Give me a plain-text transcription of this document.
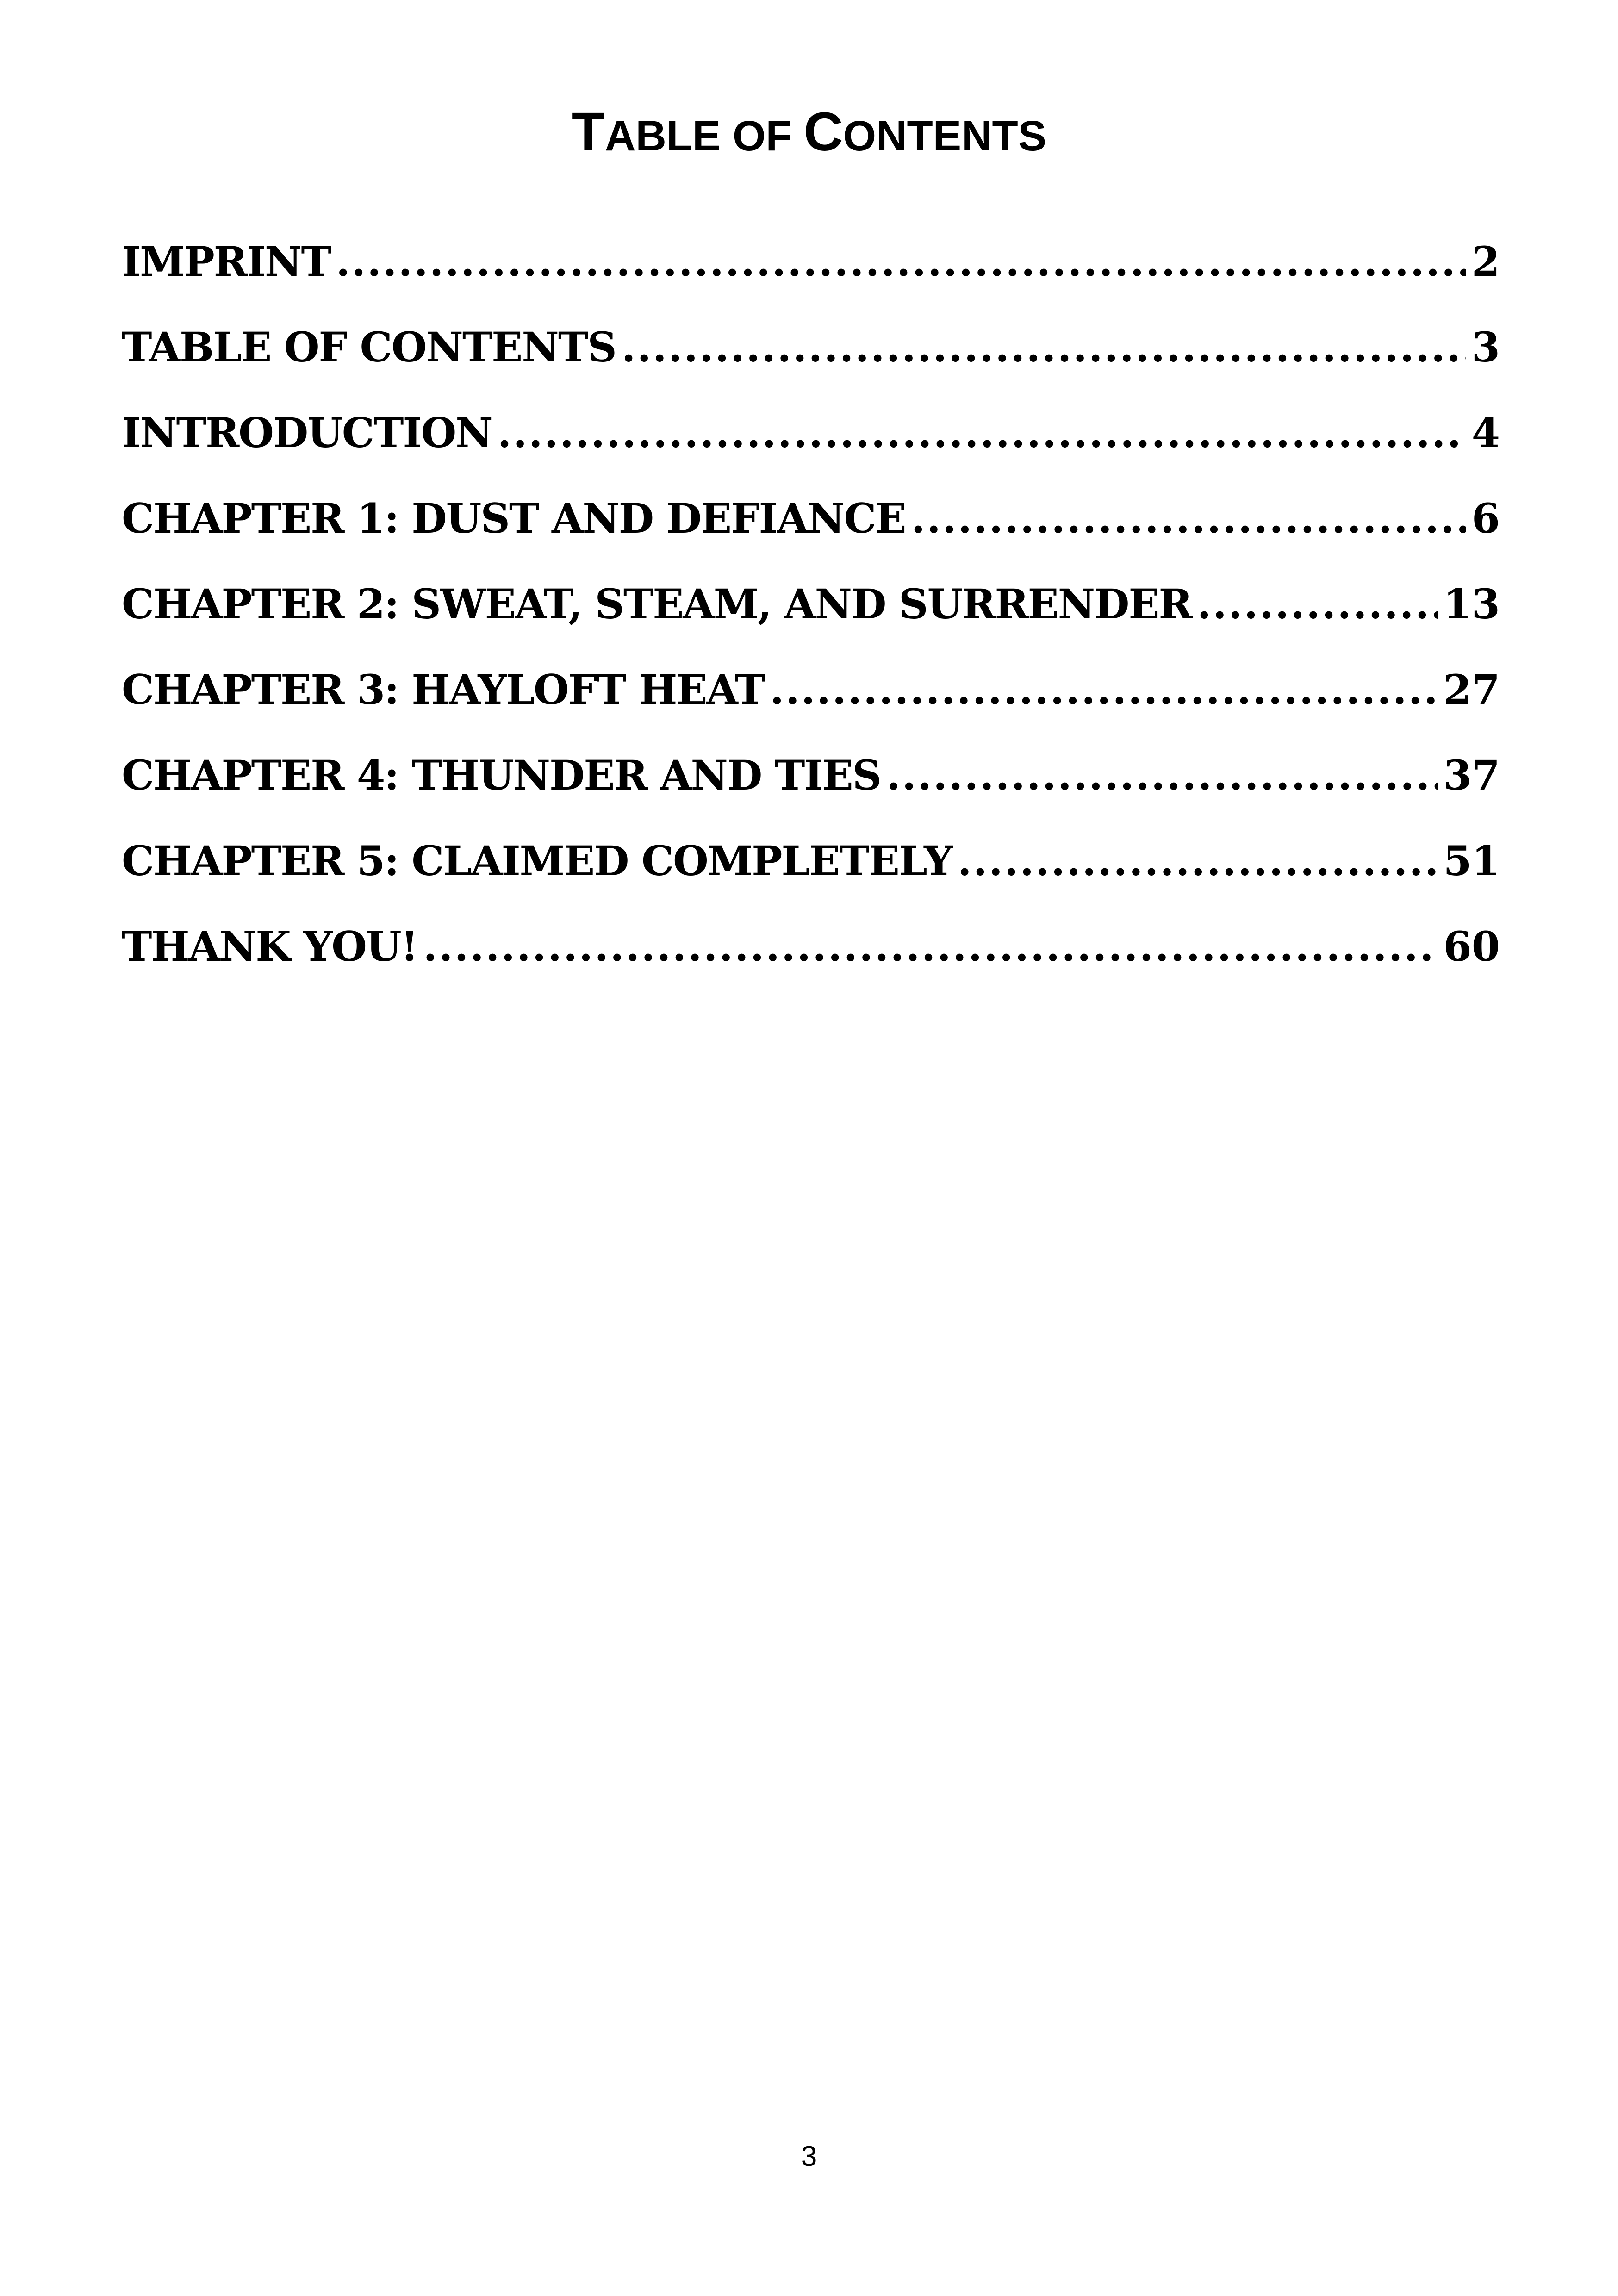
TABLE OF CONTENTS
IMPRINT .....	2
TABLE OF CONTENTS .....	3
INTRODUCTION .....	4
CHAPTER 1: DUST AND DEFIANCE .....	6
CHAPTER 2: SWEAT, STEAM, AND SURRENDER .....	13
CHAPTER 3: HAYLOFT HEAT .....	27
CHAPTER 4: THUNDER AND TIES .....	37
CHAPTER 5: CLAIMED COMPLETELY .....	51
THANK YOU! .....	60
3
